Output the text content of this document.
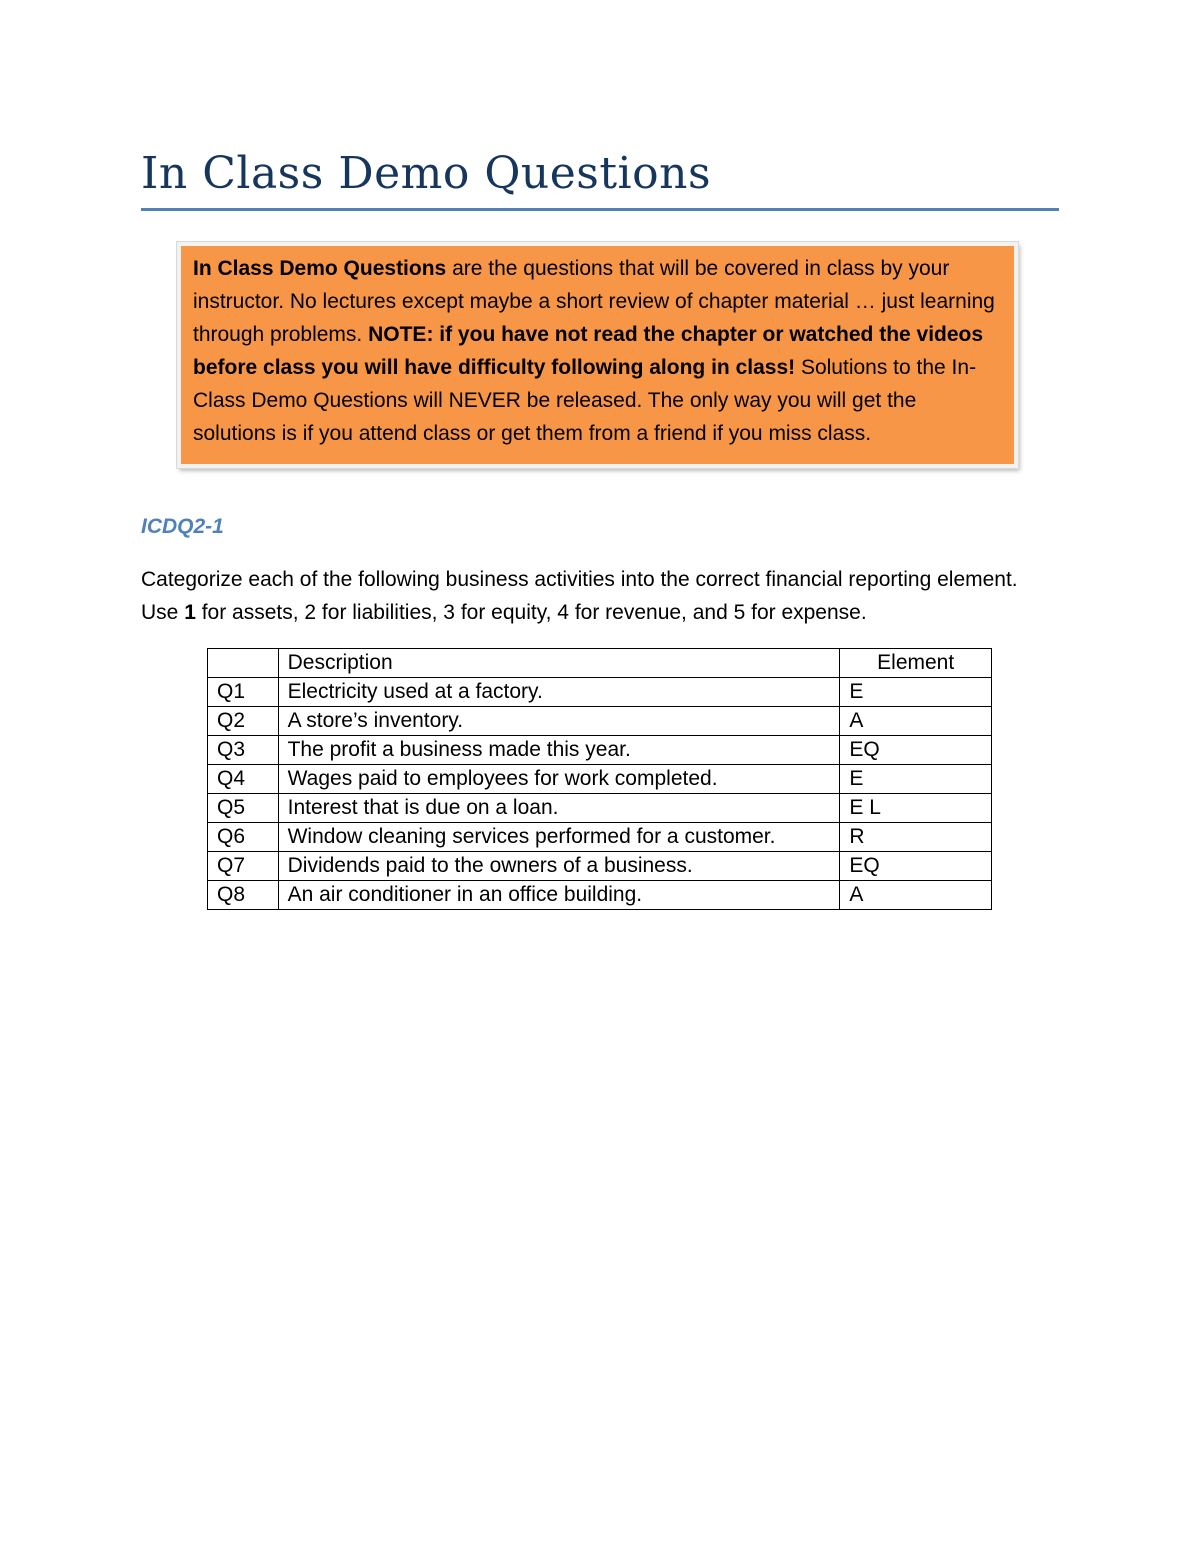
In Class Demo Questions
In Class Demo Questions are the questions that will be covered in class by your instructor. No lectures except maybe a short review of chapter material … just learning through problems. NOTE: if you have not read the chapter or watched the videos before class you will have difficulty following along in class! Solutions to the In-Class Demo Questions will NEVER be released. The only way you will get the solutions is if you attend class or get them from a friend if you miss class.
ICDQ2-1

Categorize each of the following business activities into the correct financial reporting element.

Use 1 for assets, 2 for liabilities, 3 for equity, 4 for revenue, and 5 for expense.

	Description	Element
Q1	Electricity used at a factory.	E
Q2	A store’s inventory.	A
Q3	The profit a business made this year.	EQ
Q4	Wages paid to employees for work completed.	E
Q5	Interest that is due on a loan.	E L
Q6	Window cleaning services performed for a customer.	R
Q7	Dividends paid to the owners of a business.	EQ
Q8	An air conditioner in an office building.	A
